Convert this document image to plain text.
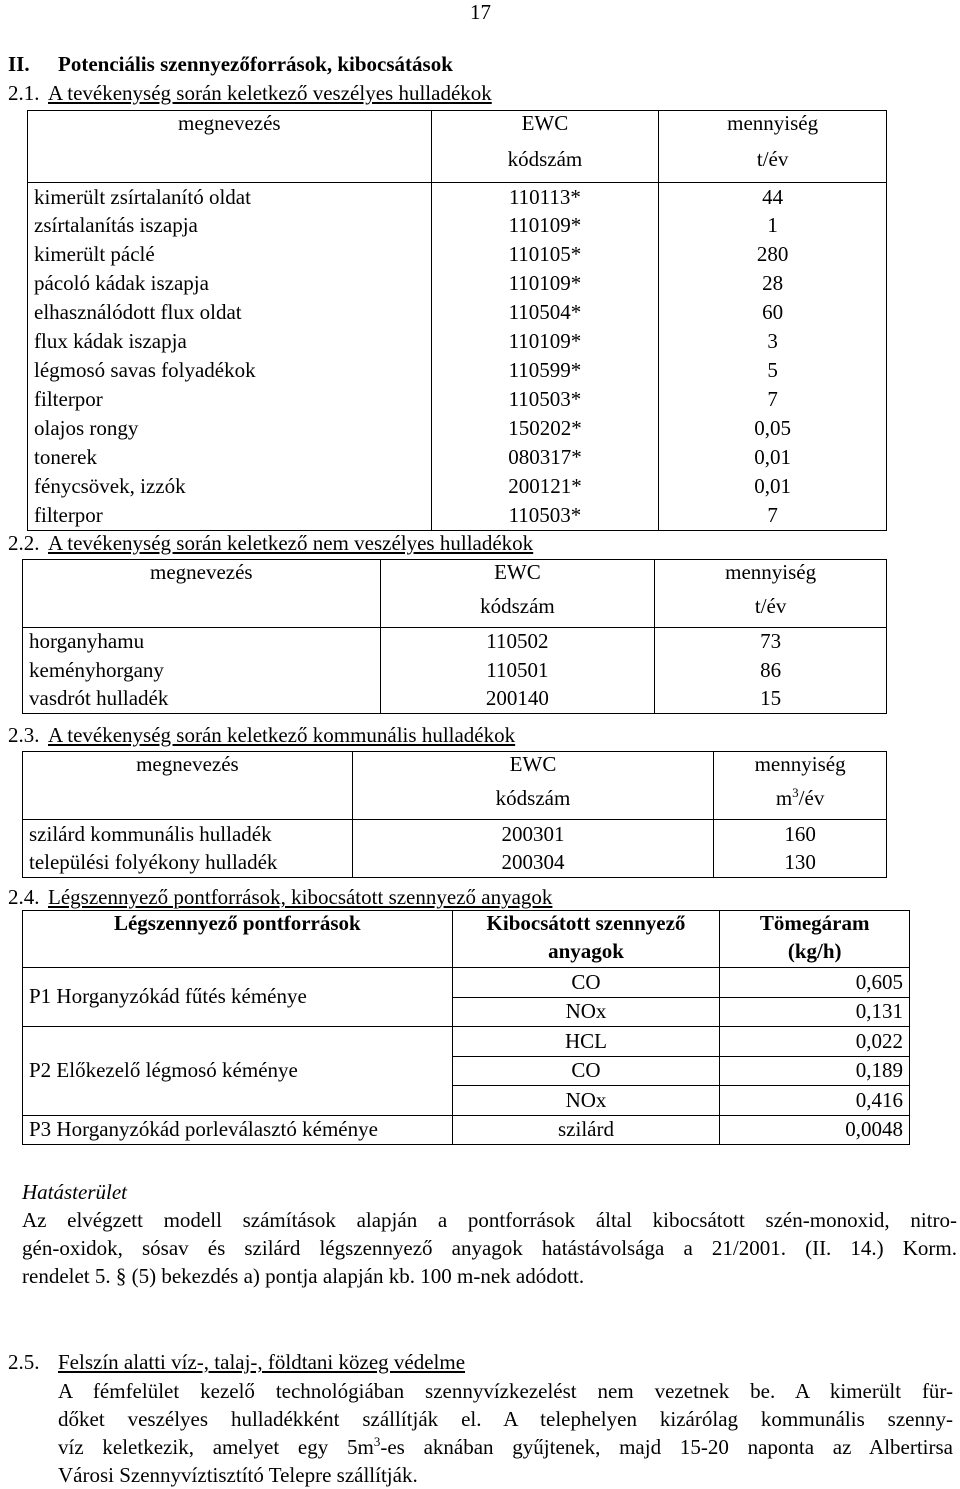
17
II. Potenciális szennyezőforrások, kibocsátások
2.1. A tevékenység során keletkező veszélyes hulladékok
megnevezés	EWC	mennyiség
	kódszám	t/év
kimerült zsírtalanító oldat	110113*	44
zsírtalanítás iszapja	110109*	1
kimerült páclé	110105*	280
pácoló kádak iszapja	110109*	28
elhasználódott flux oldat	110504*	60
flux kádak iszapja	110109*	3
légmosó savas folyadékok	110599*	5
filterpor	110503*	7
olajos rongy	150202*	0,05
tonerek	080317*	0,01
fénycsövek, izzók	200121*	0,01
filterpor	110503*	7
2.2. A tevékenység során keletkező nem veszélyes hulladékok
megnevezés	EWC	mennyiség
	kódszám	t/év
horganyhamu	110502	73
keményhorgany	110501	86
vasdrót hulladék	200140	15
2.3. A tevékenység során keletkező kommunális hulladékok
megnevezés	EWC	mennyiség
	kódszám	$m^3/év$
szilárd kommunális hulladék	200301	160
települési folyékony hulladék	200304	130
2.4. Légszennyező pontforrások, kibocsátott szennyező anyagok
Légszennyező pontforrások	Kibocsátott szennyező	Tömegáram
	anyagok	(kg/h)
P1 Horganyzókád fűtés kéménye	CO	0,605
	NOx	0,131
P2 Előkezelő légmosó kéménye	HCL	0,022
	CO	0,189
	NOx	0,416
P3 Horganyzókád porleválasztó kéménye	szilárd	0,0048
Hatásterület
Az elvégzett modell számítások alapján a pontforrások által kibocsátott szén-monoxid, nitro-
gén-oxidok, sósav és szilárd légszennyező anyagok hatástávolsága a 21/2001. (II. 14.) Korm.
rendelet 5. § (5) bekezdés a) pontja alapján kb. 100 m-nek adódott.
2.5. Felszín alatti víz-, talaj-, földtani közeg védelme
A fémfelület kezelő technológiában szennyvízkezelést nem vezetnek be. A kimerült für-
dőket veszélyes hulladékként szállítják el. A telephelyen kizárólag kommunális szenny-
víz keletkezik, amelyet egy $5m^3-es$ aknában gyűjtenek, majd 15-20 naponta az Albertirsa
Városi Szennyvíztisztító Telepre szállítják.
